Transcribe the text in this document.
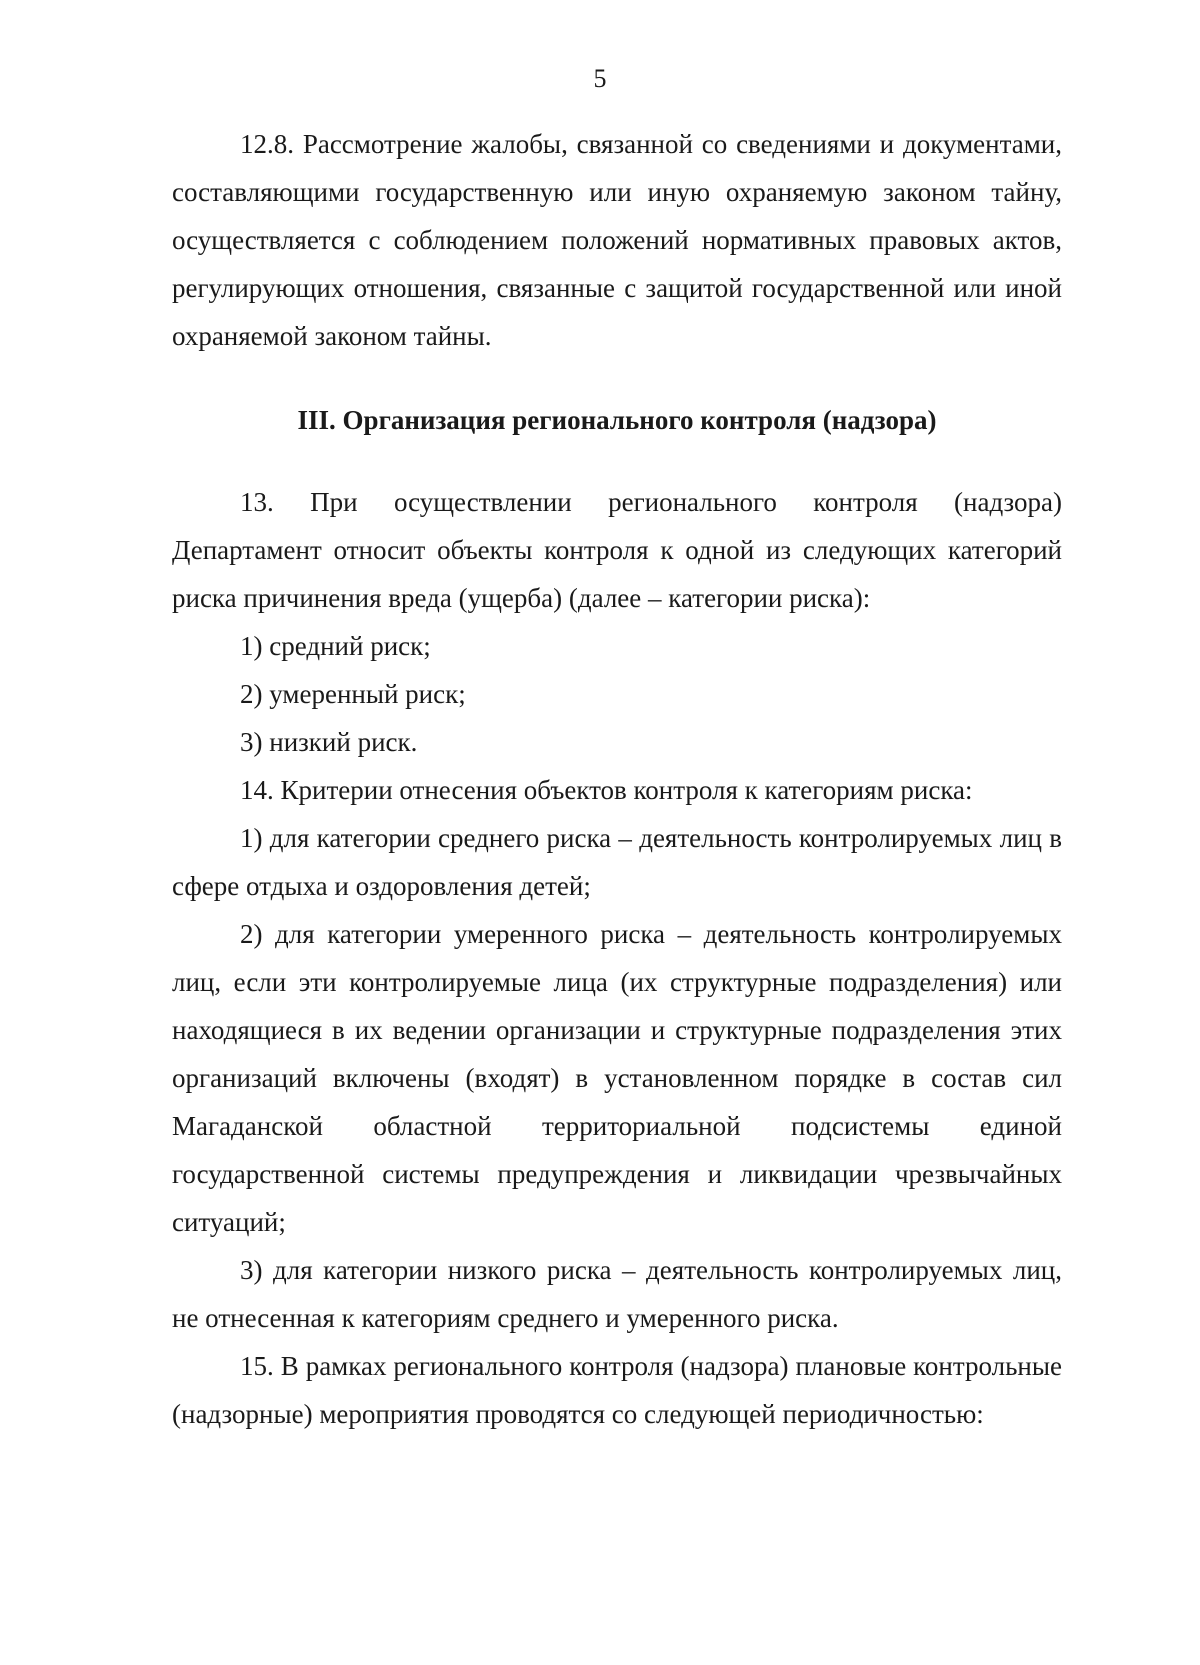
5

12.8. Рассмотрение жалобы, связанной со сведениями и документами, составляющими государственную или иную охраняемую законом тайну, осуществляется с соблюдением положений нормативных правовых актов, регулирующих отношения, связанные с защитой государственной или иной охраняемой законом тайны.

III. Организация регионального контроля (надзора)

13. При осуществлении регионального контроля (надзора) Департамент относит объекты контроля к одной из следующих категорий риска причинения вреда (ущерба) (далее – категории риска):

1) средний риск;

2) умеренный риск;

3) низкий риск.

14. Критерии отнесения объектов контроля к категориям риска:

1) для категории среднего риска – деятельность контролируемых лиц в сфере отдыха и оздоровления детей;

2) для категории умеренного риска – деятельность контролируемых лиц, если эти контролируемые лица (их структурные подразделения) или находящиеся в их ведении организации и структурные подразделения этих организаций включены (входят) в установленном порядке в состав сил Магаданской областной территориальной подсистемы единой государственной системы предупреждения и ликвидации чрезвычайных ситуаций;

3) для категории низкого риска – деятельность контролируемых лиц, не отнесенная к категориям среднего и умеренного риска.

15. В рамках регионального контроля (надзора) плановые контрольные (надзорные) мероприятия проводятся со следующей периодичностью:
